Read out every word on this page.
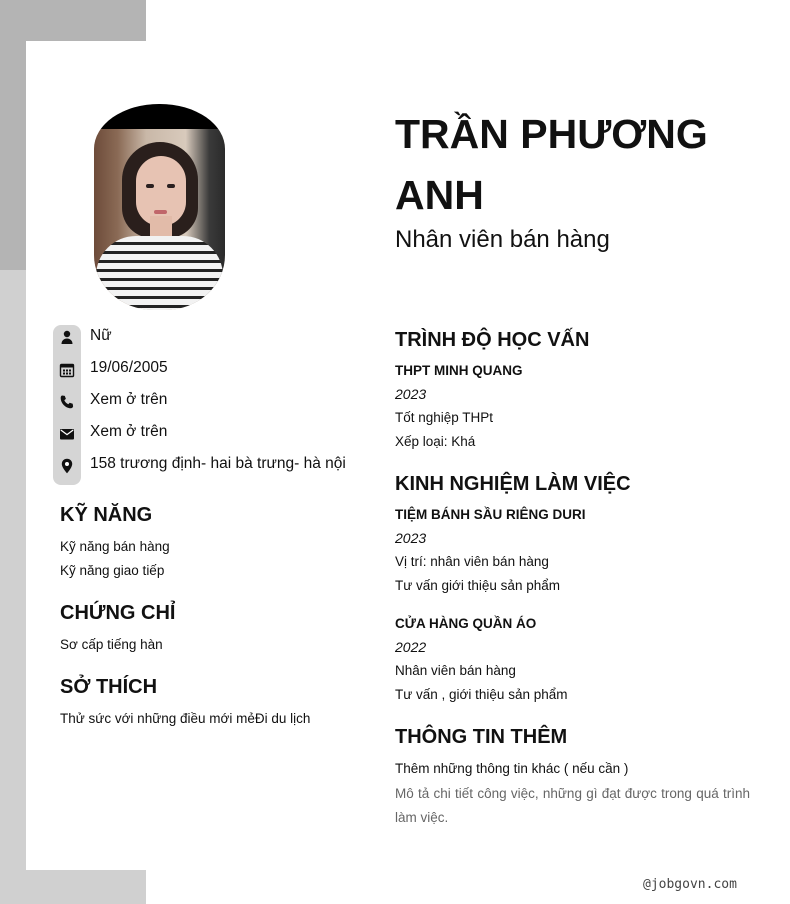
Nữ
19/06/2005
Xem ở trên
Xem ở trên
158 trương định- hai bà trưng- hà nội
KỸ NĂNG
Kỹ năng bán hàng
Kỹ năng giao tiếp
CHỨNG CHỈ
Sơ cấp tiếng hàn
SỞ THÍCH
Thử sức với những điều mới mẻĐi du lịch
TRẦN PHƯƠNG ANH
Nhân viên bán hàng
TRÌNH ĐỘ HỌC VẤN
THPT MINH QUANG
2023
Tốt nghiệp THPt
Xếp loại: Khá
KINH NGHIỆM LÀM VIỆC
TIỆM BÁNH SẦU RIÊNG DURI
2023
Vị trí: nhân viên bán hàng
Tư vấn giới thiệu sản phẩm
CỬA HÀNG QUẦN ÁO
2022
Nhân viên bán hàng
Tư vấn , giới thiệu sản phẩm
THÔNG TIN THÊM
Thêm những thông tin khác ( nếu cần )
Mô tả chi tiết công việc, những gì đạt được trong quá trình làm việc.
@jobgovn.com
